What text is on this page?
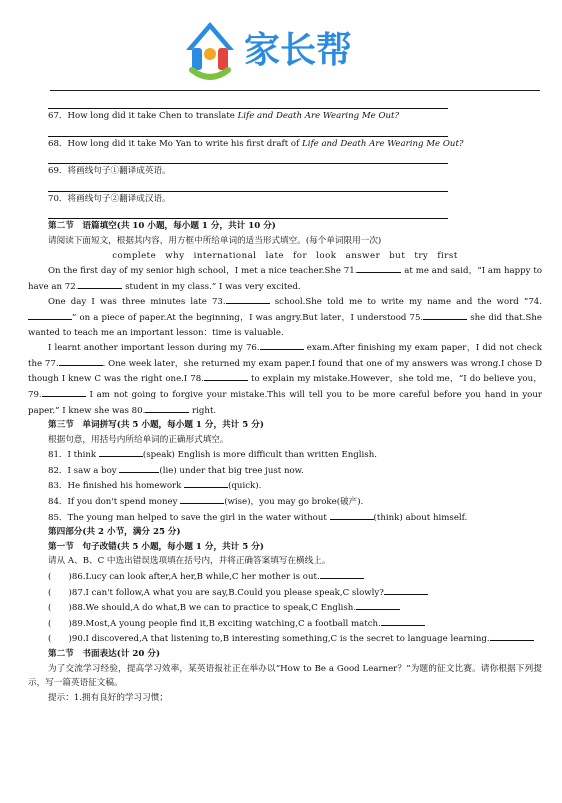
家长帮
67．How long did it take Chen to translate Life and Death Are Wearing Me Out?
68．How long did it take Mo Yan to write his first draft of Life and Death Are Wearing Me Out?
69．将画线句子①翻译成英语。
70．将画线句子②翻译成汉语。
第二节　语篇填空(共 10 小题，每小题 1 分，共计 10 分)
请阅读下面短文，根据其内容，用方框中所给单词的适当形式填空。(每个单词限用一次)
complete　why　international　late　for　look　answer　but　try　first
On the first day of my senior high school，I met a nice teacher.She 71.	at me and said，“I am happy to have an 72.	student in my class.” I was very excited.
One day I was three minutes late 73.	school.She told me to write my name and the word “74.” on a piece of paper.At the beginning，I was angry.But later，I understood 75.	she did that.She wanted to teach me an important lesson：time is valuable.
I learnt another important lesson during my 76.	exam.After finishing my exam paper，I did not check the 77.	. One week later，she returned my exam paper.I found that one of my answers was wrong.I chose D though I knew C was the right one.I 78.	to explain my mistake.However，she told me，“I do believe you，79.	I am not going to forgive your mistake.This will tell you to be more careful before you hand in your paper.” I knew she was 80.	right.
第三节　单词拼写(共 5 小题，每小题 1 分，共计 5 分)
根据句意，用括号内所给单词的正确形式填空。
81．I think	(speak) English is more difficult than written English.
82．I saw a boy	(lie) under that big tree just now.
83．He finished his homework	(quick).
84．If you don't spend money	(wise)，you may go broke(破产).
85．The young man helped to save the girl in the water without	(think) about himself.
第四部分(共 2 小节，满分 25 分)
第一节　句子改错(共 5 小题，每小题 1 分，共计 5 分)
请从 A、B、C 中选出错误选项填在括号内，并将正确答案填写在横线上。
(　　)86.Lucy can look after,A her,B while,C her mother is out.
(　　)87.I can't follow,A what you are say,B.Could you please speak,C slowly?
(　　)88.We should,A do what,B we can to practice to speak,C English.
(　　)89.Most,A young people find it,B exciting watching,C a football match.
(　　)90.I discovered,A that listening to,B interesting something,C is the secret to language learning.
第二节　书面表达(计 20 分)
为了交流学习经验，提高学习效率，某英语报社正在举办以“How to Be a Good Learner？”为题的征文比赛。请你根据下列提示，写一篇英语征文稿。
提示：1.拥有良好的学习习惯；
